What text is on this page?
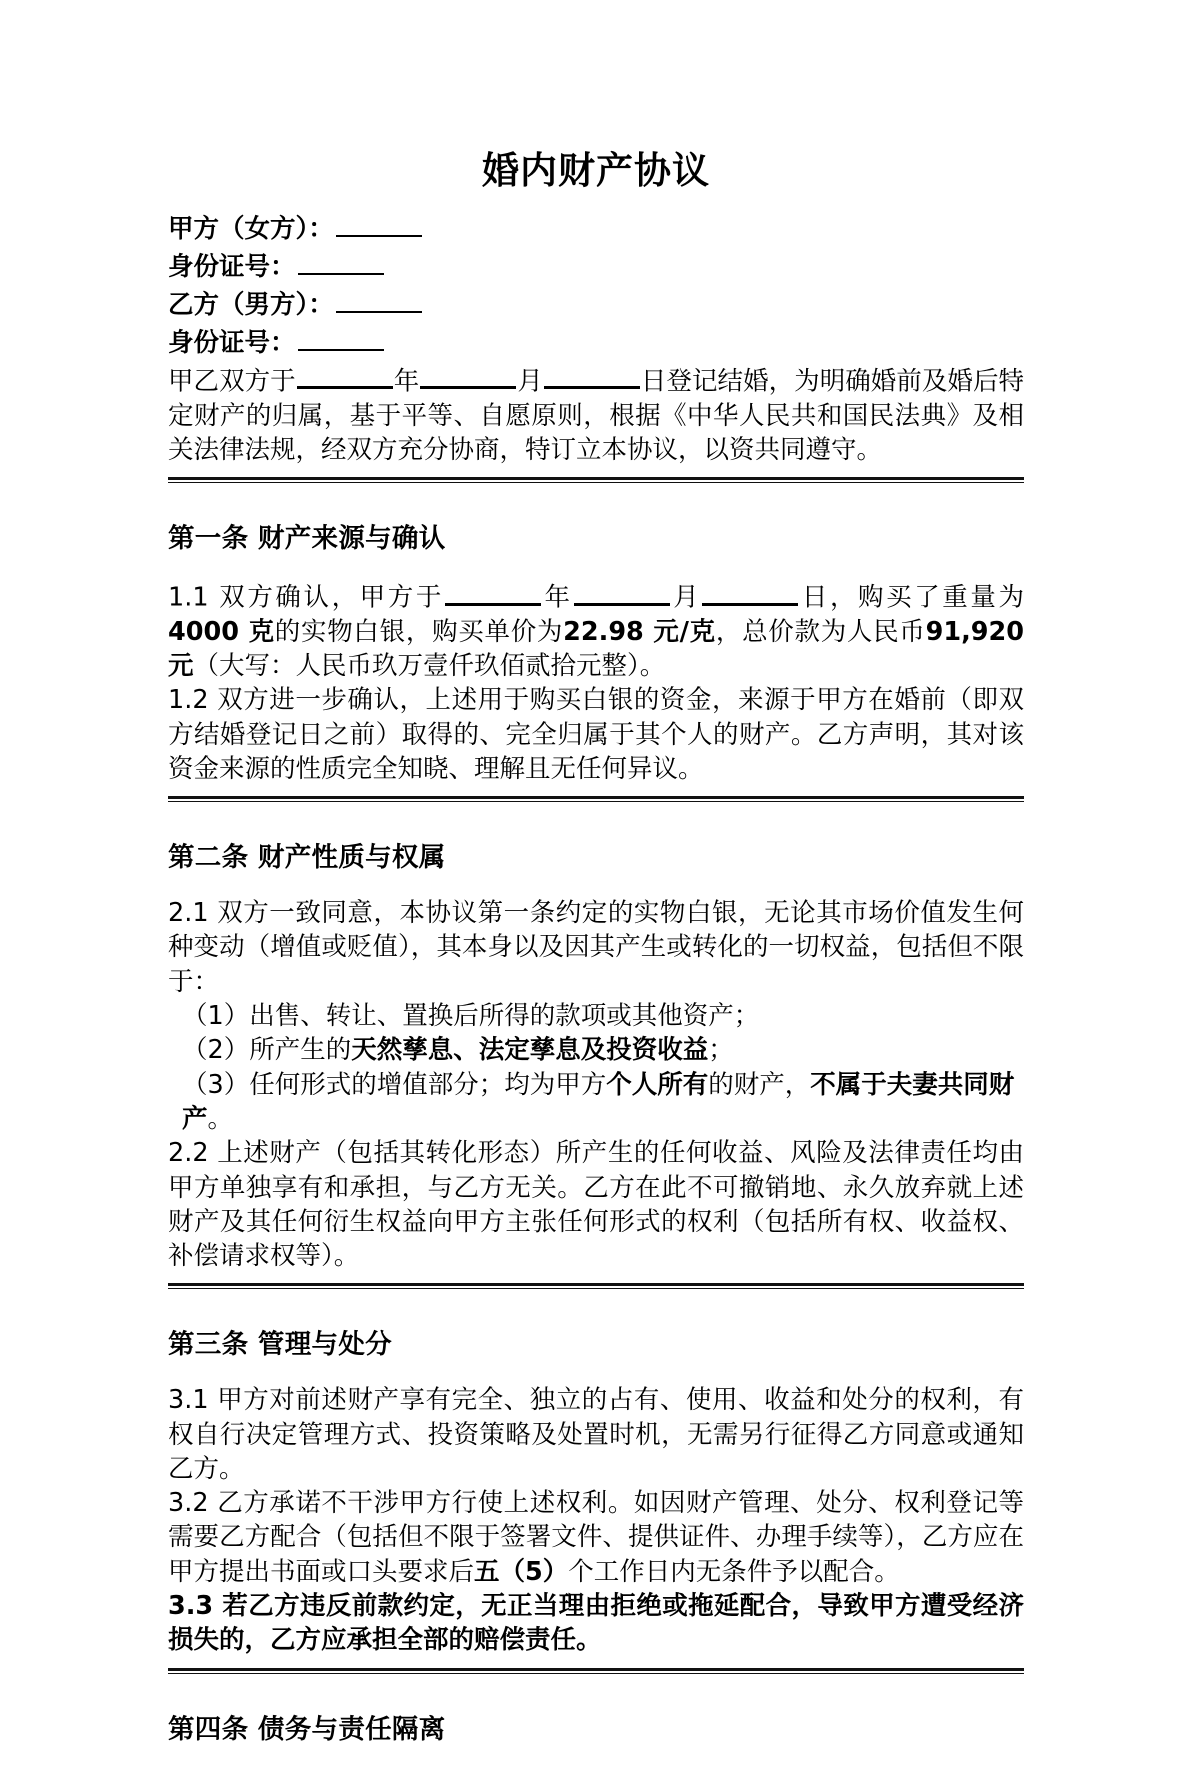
婚内财产协议

甲方（女方）：

身份证号：

乙方（男方）：

身份证号：

甲乙双方于	年	月	日登记结婚，为明确婚前及婚后特定财产的归属，基于平等、自愿原则，根据《中华人民共和国民法典》及相关法律法规，经双方充分协商，特订立本协议，以资共同遵守。

第一条 财产来源与确认

1.1 双方确认，甲方于	年	月	日，购买了重量为4000 克的实物白银，购买单价为22.98 元/克，总价款为人民币91,920 元（大写：人民币玖万壹仟玖佰贰拾元整）。

1.2 双方进一步确认，上述用于购买白银的资金，来源于甲方在婚前（即双方结婚登记日之前）取得的、完全归属于其个人的财产。乙方声明，其对该资金来源的性质完全知晓、理解且无任何异议。

第二条 财产性质与权属

2.1 双方一致同意，本协议第一条约定的实物白银，无论其市场价值发生何种变动（增值或贬值），其本身以及因其产生或转化的一切权益，包括但不限于：

（1）出售、转让、置换后所得的款项或其他资产；

（2）所产生的天然孳息、法定孳息及投资收益；

（3）任何形式的增值部分；均为甲方个人所有的财产，不属于夫妻共同财产。

2.2 上述财产（包括其转化形态）所产生的任何收益、风险及法律责任均由甲方单独享有和承担，与乙方无关。乙方在此不可撤销地、永久放弃就上述财产及其任何衍生权益向甲方主张任何形式的权利（包括所有权、收益权、补偿请求权等）。

第三条 管理与处分

3.1 甲方对前述财产享有完全、独立的占有、使用、收益和处分的权利，有权自行决定管理方式、投资策略及处置时机，无需另行征得乙方同意或通知乙方。

3.2 乙方承诺不干涉甲方行使上述权利。如因财产管理、处分、权利登记等需要乙方配合（包括但不限于签署文件、提供证件、办理手续等），乙方应在甲方提出书面或口头要求后五（5）个工作日内无条件予以配合。

3.3 若乙方违反前款约定，无正当理由拒绝或拖延配合，导致甲方遭受经济损失的，乙方应承担全部的赔偿责任。

第四条 债务与责任隔离
